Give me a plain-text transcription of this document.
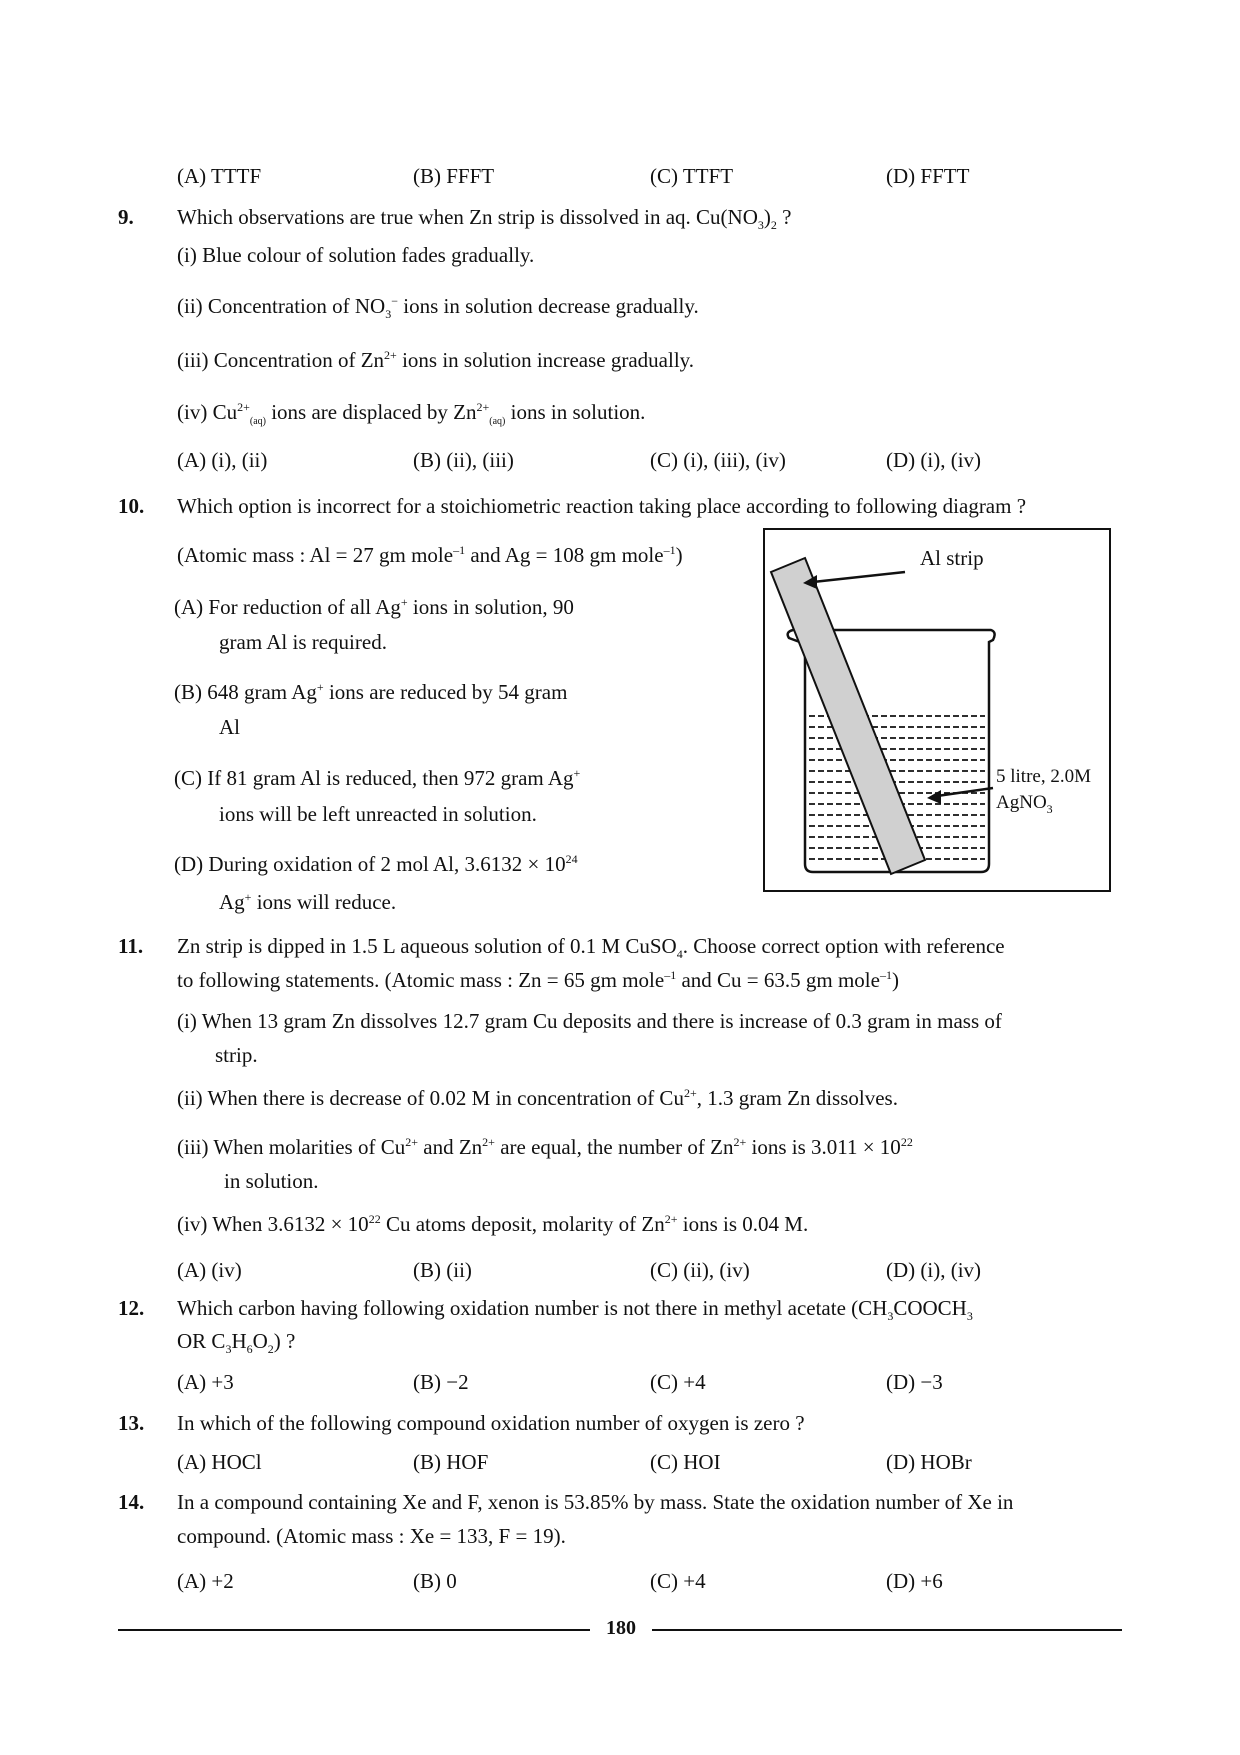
(A) TTTF	(B) FFFT	(C) TTFT	(D) FFTT
9. Which observations are true when Zn strip is dissolved in aq. $Cu(NO_3)_2$ ?
(i) Blue colour of solution fades gradually.
(ii) Concentration of $NO_3^-$ ions in solution decrease gradually.
(iii) Concentration of $Zn^{2+}$ ions in solution increase gradually.
(iv) $Cu^{2+}_{(aq)}$ ions are displaced by $Zn^{2+}_{(aq)}$ ions in solution.
(A) (i), (ii)	(B) (ii), (iii)	(C) (i), (iii), (iv)	(D) (i), (iv)
10. Which option is incorrect for a stoichiometric reaction taking place according to following diagram ?
(Atomic mass : Al = 27 gm mole$^{-1}$ and Ag = 108 gm mole$^{-1}$)
(A) For reduction of all Ag+ ions in solution, 90
gram Al is required.
(B) 648 gram Ag+ ions are reduced by 54 gram
Al
(C) If 81 gram Al is reduced, then 972 gram Ag+
ions will be left unreacted in solution.
(D) During oxidation of 2 mol Al, $3.6132 \times 10^{24}$
Ag+ ions will reduce.
Al strip
5 litre, 2.0M
AgNO$_3$
11. Zn strip is dipped in 1.5 L aqueous solution of 0.1 M CuSO$_4$. Choose correct option with reference
to following statements. (Atomic mass : Zn = 65 gm mole$^{-1}$ and Cu = 63.5 gm mole$^{-1}$)
(i) When 13 gram Zn dissolves 12.7 gram Cu deposits and there is increase of 0.3 gram in mass of
strip.
(ii) When there is decrease of 0.02 M in concentration of $Cu^{2+}$, 1.3 gram Zn dissolves.
(iii) When molarities of $Cu^{2+}$ and $Zn^{2+}$ are equal, the number of $Zn^{2+}$ ions is $3.011 \times 10^{22}$
in solution.
(iv) When $3.6132 \times 10^{22}$ Cu atoms deposit, molarity of $Zn^{2+}$ ions is 0.04 M.
(A) (iv)	(B) (ii)	(C) (ii), (iv)	(D) (i), (iv)
12. Which carbon having following oxidation number is not there in methyl acetate ($CH_3COOCH_3$
OR $C_3H_6O_2$) ?
(A) +3	(B) −2	(C) +4	(D) −3
13. In which of the following compound oxidation number of oxygen is zero ?
(A) HOCl	(B) HOF	(C) HOI	(D) HOBr
14. In a compound containing Xe and F, xenon is 53.85% by mass. State the oxidation number of Xe in
compound. (Atomic mass : Xe = 133, F = 19).
(A) +2	(B) 0	(C) +4	(D) +6
180
